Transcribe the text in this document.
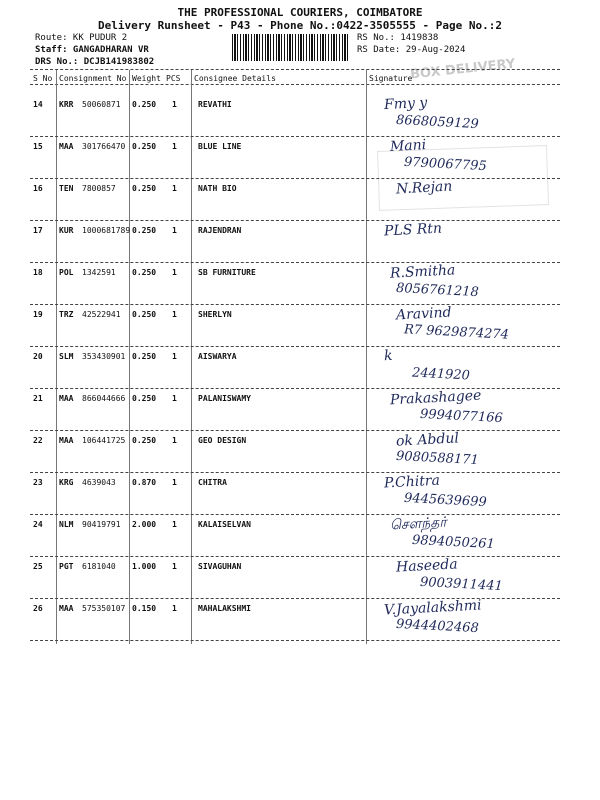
THE PROFESSIONAL COURIERS, COIMBATORE
Delivery Runsheet - P43 - Phone No.:0422-3505555 - Page No.:2
Route: KK PUDUR 2
Staff: GANGADHARAN VR
DRS No.: DCJB141983802
RS No.: 1419838
RS Date: 29-Aug-2024
BOX DELIVERY
S No Consignment No Weight PCS Consignee Details	Signature
14 KRR 50060871 0.250 1	REVATHI	Fmy y
8668059129
15 MAA 301766470 0.250 1	BLUE LINE	Mani
9790067795
16 TEN 7800857 0.250 1	NATH BIO	N.Rejan
17 KUR 1000681789 0.250 1	RAJENDRAN	PLS Rtn
18 POL 1342591 0.250 1	SB FURNITURE	R.Smitha
8056761218
19 TRZ 42522941 0.250 1	SHERLYN	Aravind
R7 9629874274
20 SLM 353430901 0.250 1	AISWARYA	k
2441920
21 MAA 866044666 0.250 1	PALANISWAMY	Prakashagee
9994077166
22 MAA 106441725 0.250 1	GEO DESIGN	ok Abdul
9080588171
23 KRG 4639043 0.870 1	CHITRA	P.Chitra
9445639699
24 NLM 90419791 2.000 1	KALAISELVAN	சௌந்தர்
9894050261
25 PGT 6181040 1.000 1	SIVAGUHAN	Haseeda
9003911441
26 MAA 575350107 0.150 1	MAHALAKSHMI	V.Jayalakshmi
9944402468
